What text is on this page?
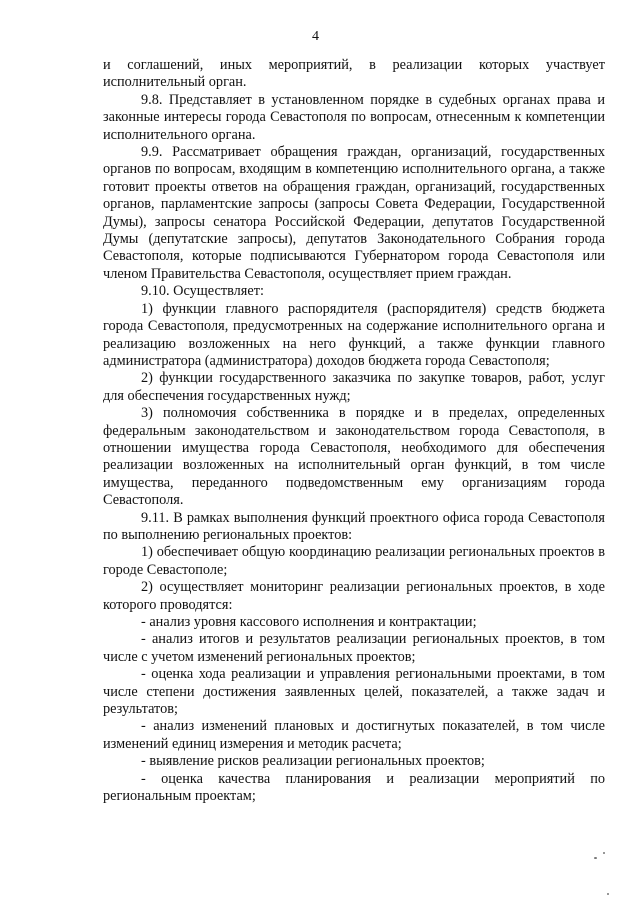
4

и соглашений, иных мероприятий, в реализации которых участвует исполнительный орган.

9.8. Представляет в установленном порядке в судебных органах права и законные интересы города Севастополя по вопросам, отнесенным к компетенции исполнительного органа.

9.9. Рассматривает обращения граждан, организаций, государственных органов по вопросам, входящим в компетенцию исполнительного органа, а также готовит проекты ответов на обращения граждан, организаций, государственных органов, парламентские запросы (запросы Совета Федерации, Государственной Думы), запросы сенатора Российской Федерации, депутатов Государственной Думы (депутатские запросы), депутатов Законодательного Собрания города Севастополя, которые подписываются Губернатором города Севастополя или членом Правительства Севастополя, осуществляет прием граждан.

9.10. Осуществляет:

1) функции главного распорядителя (распорядителя) средств бюджета города Севастополя, предусмотренных на содержание исполнительного органа и реализацию возложенных на него функций, а также функции главного администратора (администратора) доходов бюджета города Севастополя;

2) функции государственного заказчика по закупке товаров, работ, услуг для обеспечения государственных нужд;

3) полномочия собственника в порядке и в пределах, определенных федеральным законодательством и законодательством города Севастополя, в отношении имущества города Севастополя, необходимого для обеспечения реализации возложенных на исполнительный орган функций, в том числе имущества, переданного подведомственным ему организациям города Севастополя.

9.11. В рамках выполнения функций проектного офиса города Севастополя по выполнению региональных проектов:

1) обеспечивает общую координацию реализации региональных проектов в городе Севастополе;

2) осуществляет мониторинг реализации региональных проектов, в ходе которого проводятся:

- анализ уровня кассового исполнения и контрактации;

- анализ итогов и результатов реализации региональных проектов, в том числе с учетом изменений региональных проектов;

- оценка хода реализации и управления региональными проектами, в том числе степени достижения заявленных целей, показателей, а также задач и результатов;

- анализ изменений плановых и достигнутых показателей, в том числе изменений единиц измерения и методик расчета;

- выявление рисков реализации региональных проектов;

- оценка качества планирования и реализации мероприятий по региональным проектам;
